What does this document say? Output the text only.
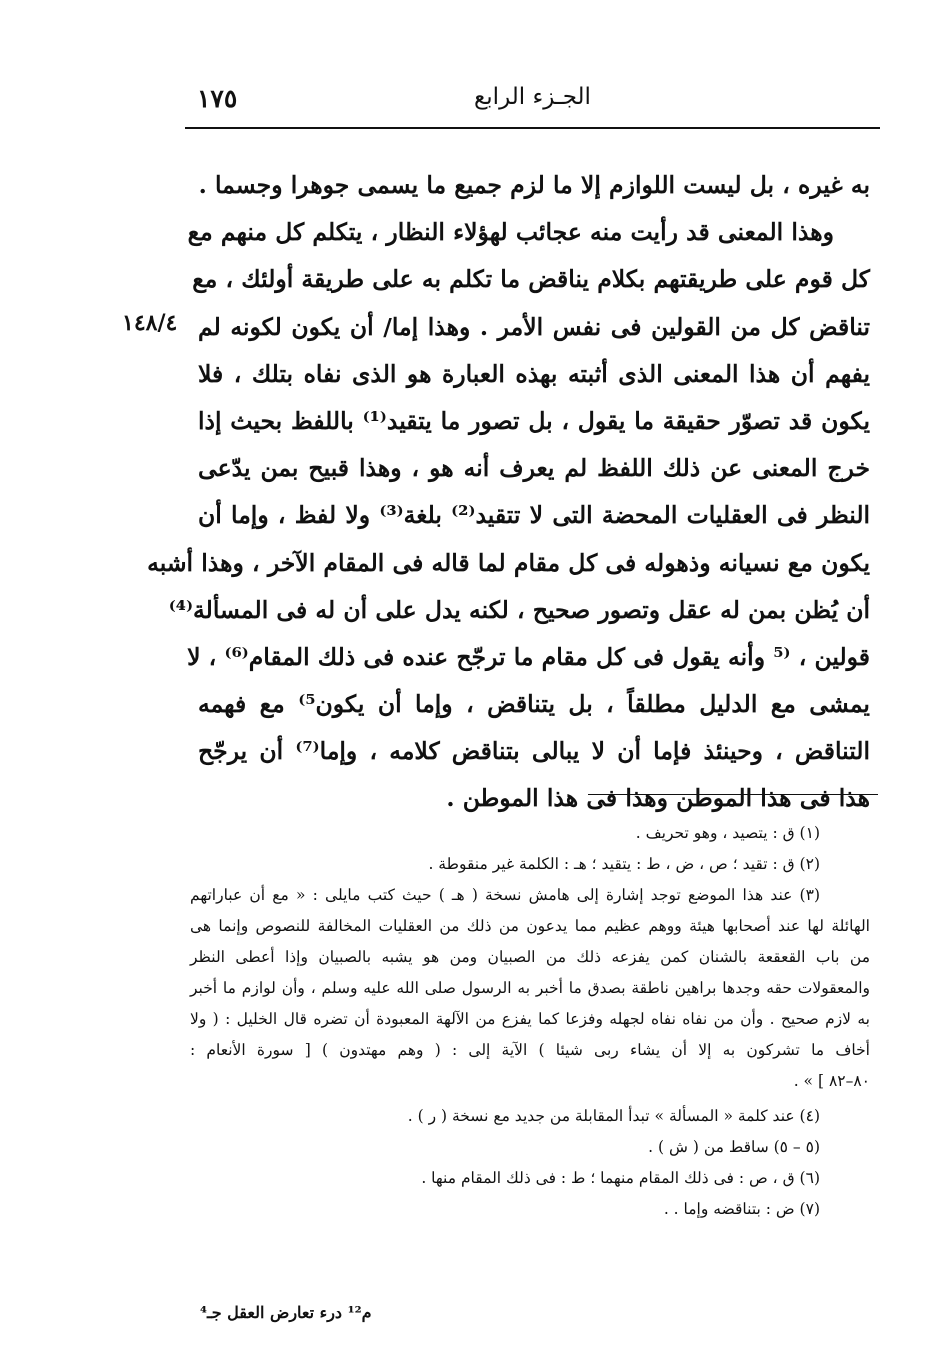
الجـزء الرابع
١٧٥
١٤٨/٤
به غيره ، بل ليست اللوازم إلا ما لزم جميع ما يسمى جوهرا وجسما .
وهذا المعنى قد رأيت منه عجائب لهؤلاء النظار ، يتكلم كل منهم مع
كل قوم على طريقتهم بكلام يناقض ما تكلم به على طريقة أولئك ، مع
تناقض كل من القولين فى نفس الأمر . وهذا إما/ أن يكون لكونه لم
يفهم أن هذا المعنى الذى أثبته بهذه العبارة هو الذى نفاه بتلك ، فلا
يكون قد تصوّر حقيقة ما يقول ، بل تصور ما يتقيد⁽¹⁾ باللفظ بحيث إذا
خرج المعنى عن ذلك اللفظ لم يعرف أنه هو ، وهذا قبيح بمن يدّعى
النظر فى العقليات المحضة التى لا تتقيد⁽²⁾ بلغة⁽³⁾ ولا لفظ ، وإما أن
يكون مع نسيانه وذهوله فى كل مقام لما قاله فى المقام الآخر ، وهذا أشبه
أن يُظن بمن له عقل وتصور صحيح ، لكنه يدل على أن له فى المسألة⁽⁴⁾
قولين ، ⁽⁵ وأنه يقول فى كل مقام ما ترجّح عنده فى ذلك المقام⁽⁶⁾ ، لا
يمشى مع الدليل مطلقاً ، بل يتناقض ، وإما أن يكون⁵⁾ مع فهمه
التناقض ، وحينئذ فإما أن لا يبالى بتناقض كلامه ، وإما⁽⁷⁾ أن يرجّح
هذا فى هذا الموطن وهذا فى هذا الموطن .
(١) ق : يتصيد ، وهو تحريف .
(٢) ق : تقيد ؛ ص ، ض ، ط : يتقيد ؛ هـ : الكلمة غير منقوطة .
(٣) عند هذا الموضع توجد إشارة إلى هامش نسخة ( هـ ) حيث كتب مايلى : « مع أن عباراتهم
الهائلة لها عند أصحابها هيئة ووهم عظيم مما يدعون من ذلك من العقليات المخالفة للنصوص وإنما هى
من باب القعقعة بالشنان كمن يفزعه ذلك من الصبيان ومن هو يشبه بالصبيان وإذا أعطى النظر
والمعقولات حقه وجدها براهين ناطقة بصدق ما أخبر به الرسول صلى الله عليه وسلم ، وأن لوازم ما أخبر
به لازم صحيح . وأن من نفاه نفاه لجهله وفزعا كما يفزع من الآلهة المعبودة أن تضره قال الخليل : ( ولا
أخاف ما تشركون به إلا أن يشاء ربى شيئا ) الآية إلى : ( وهم مهتدون ) [ سورة الأنعام :
٨٠–٨٢ ] » .
(٤) عند كلمة « المسألة » تبدأ المقابلة من جديد مع نسخة ( ر ) .
(٥ – ٥) ساقط من ( ش ) .
(٦) ق ، ص : فى ذلك المقام منهما ؛ ط : فى ذلك المقام منها .
(٧) ض : بتناقضه وإما . .
م¹² درء تعارض العقل جـ⁴
